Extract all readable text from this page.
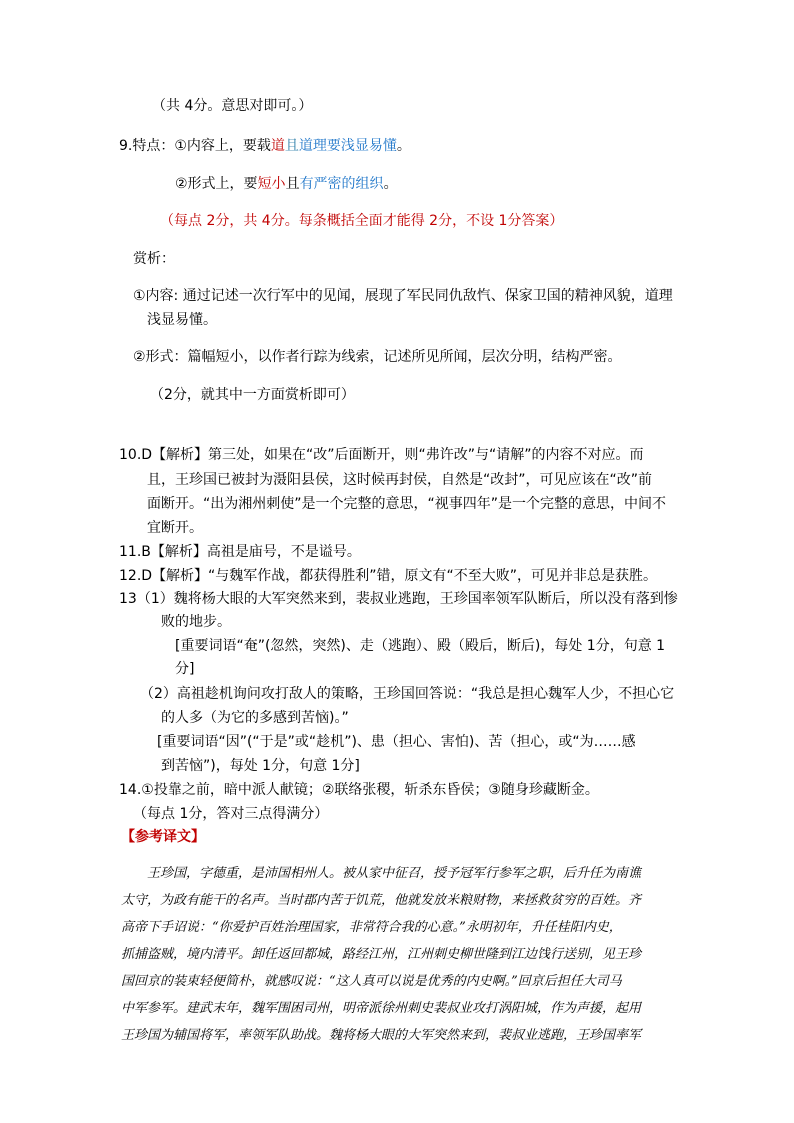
（共 4分。意思对即可。）
9.特点：①内容上，要载道且道理要浅显易懂。
②形式上，要短小且有严密的组织。
（每点 2分，共 4分。每条概括全面才能得 2分，不设 1分答案）
赏析：
①内容: 通过记述一次行军中的见闻，展现了军民同仇敌忾、保家卫国的精神风貌，道理
浅显易懂。
②形式：篇幅短小，以作者行踪为线索，记述所见所闻，层次分明，结构严密。
（2分，就其中一方面赏析即可）
10.D【解析】第三处，如果在“改”后面断开，则“弗许改”与“请解”的内容不对应。而
且，王珍国已被封为滠阳县侯，这时候再封侯，自然是“改封”，可见应该在“改”前
面断开。“出为湘州刺使”是一个完整的意思，“视事四年”是一个完整的意思，中间不
宜断开。
11.B【解析】高祖是庙号，不是谥号。
12.D【解析】“与魏军作战，都获得胜利”错，原文有“不至大败”，可见并非总是获胜。
13（1）魏将杨大眼的大军突然来到，裴叔业逃跑，王珍国率领军队断后，所以没有落到惨
败的地步。
[重要词语“奄”(忽然，突然)、走（逃跑）、殿（殿后，断后)，每处 1分，句意 1
分]
（2）高祖趁机询问攻打敌人的策略，王珍国回答说：“我总是担心魏军人少，不担心它
的人多（为它的多感到苦恼)。”
[重要词语“因”(“于是”或“趁机”)、患（担心、害怕)、苦（担心，或“为……感
到苦恼”)，每处 1分，句意 1分]
14.①投靠之前，暗中派人献镜；②联络张稷，斩杀东昏侯；③随身珍藏断金。
（每点 1分，答对三点得满分）
【参考译文】
王珍国，字德重，是沛国相州人。被从家中征召，授予冠军行参军之职，后升任为南谯
太守，为政有能干的名声。当时郡内苦于饥荒，他就发放米粮财物，来拯救贫穷的百姓。齐
高帝下手诏说：“你爱护百姓治理国家，非常符合我的心意。”永明初年，升任桂阳内史，
抓捕盗贼，境内清平。卸任返回都城，路经江州，江州刺史柳世隆到江边饯行送别，见王珍
国回京的装束轻便简朴，就感叹说：“这人真可以说是优秀的内史啊。”回京后担任大司马
中军参军。建武末年，魏军围困司州，明帝派徐州刺史裴叔业攻打涡阳城，作为声援，起用
王珍国为辅国将军，率领军队助战。魏将杨大眼的大军突然来到，裴叔业逃跑，王珍国率军
